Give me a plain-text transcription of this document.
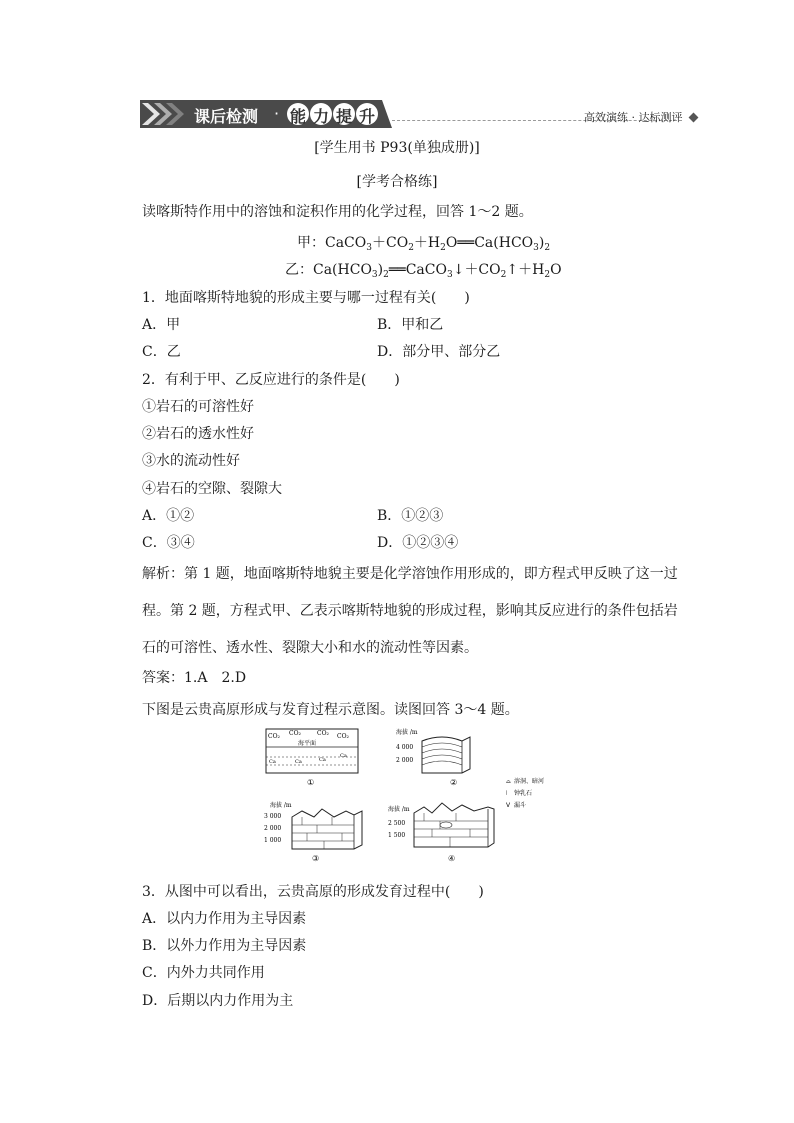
课后检测 · 能 力 提 升	高效演练 · 达标测评
[学生用书 P93(单独成册)]
[学考合格练]
读喀斯特作用中的溶蚀和淀积作用的化学过程，回答 1～2 题。
甲：$CaCO_3+CO_2+H_2O══Ca(HCO_3)_2$
乙：$Ca(HCO_3)_2══CaCO_3↓+CO_2↑+H_2O$
1．地面喀斯特地貌的形成主要与哪一过程有关(　　)
A．甲	B．甲和乙
C．乙	D．部分甲、部分乙
2．有利于甲、乙反应进行的条件是(　　)
①岩石的可溶性好
②岩石的透水性好
③水的流动性好
④岩石的空隙、裂隙大
A．①②	B．①②③
C．③④	D．①②③④
解析：第 1 题，地面喀斯特地貌主要是化学溶蚀作用形成的，即方程式甲反映了这一过程。第 2 题，方程式甲、乙表示喀斯特地貌的形成过程，影响其反应进行的条件包括岩石的可溶性、透水性、裂隙大小和水的流动性等因素。
答案：1.A　2.D
下图是云贵高原形成与发育过程示意图。读图回答 3～4 题。
CO₂ CO₂	CO₂ CO₂
海平面
Ca	Ca	Ca
Ca
①
海拔 /m
4 000
2 000
②	⌓ 溶洞、暗河
⦚ 钟乳石
ᐯ 漏斗
海拔 /m
3 000
2 000
1 000
③
海拔 /m
2 500
1 500
④
3．从图中可以看出，云贵高原的形成发育过程中(　　)
A．以内力作用为主导因素
B．以外力作用为主导因素
C．内外力共同作用
D．后期以内力作用为主
